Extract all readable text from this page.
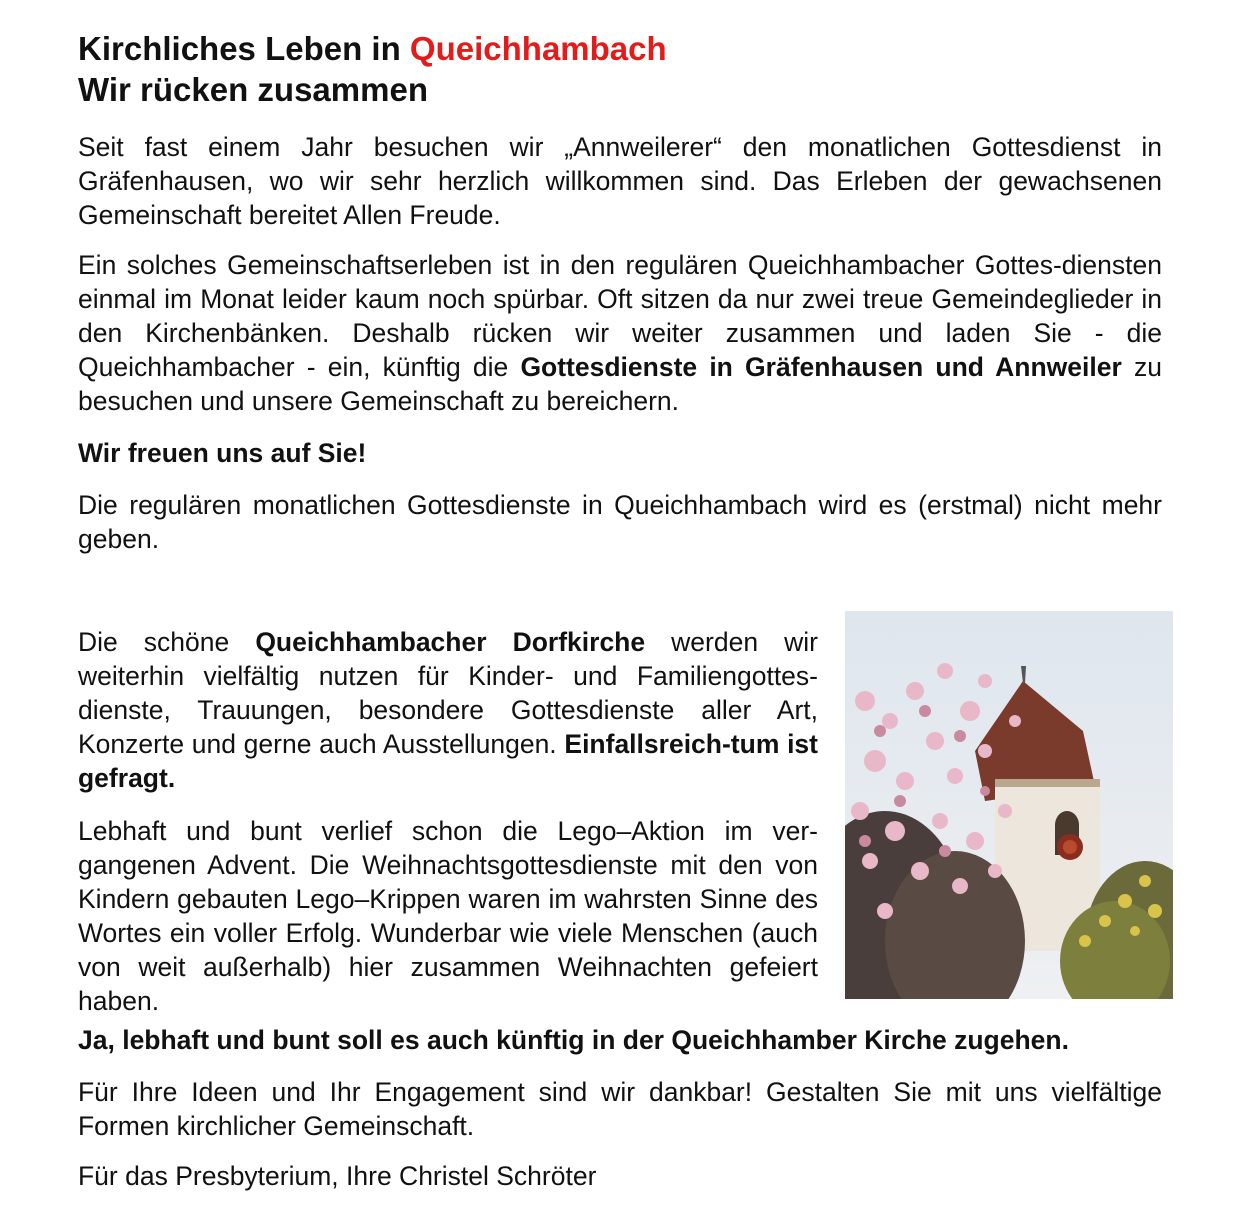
Kirchliches Leben in Queichhambach
Wir rücken zusammen

Seit fast einem Jahr besuchen wir „Annweilerer“ den monatlichen Gottesdienst in Gräfenhausen, wo wir sehr herzlich willkommen sind. Das Erleben der gewachsenen Gemeinschaft bereitet Allen Freude.

Ein solches Gemeinschaftserleben ist in den regulären Queichhambacher Gottes-diensten einmal im Monat leider kaum noch spürbar. Oft sitzen da nur zwei treue Gemeindeglieder in den Kirchenbänken. Deshalb rücken wir weiter zusammen und laden Sie - die Queichhambacher - ein, künftig die Gottesdienste in Gräfenhausen und Annweiler zu besuchen und unsere Gemeinschaft zu bereichern.

Wir freuen uns auf Sie!

Die regulären monatlichen Gottesdienste in Queichhambach wird es (erstmal) nicht mehr geben.

Die schöne Queichhambacher Dorfkirche werden wir weiterhin vielfältig nutzen für Kinder- und Familiengottes-dienste, Trauungen, besondere Gottesdienste aller Art, Konzerte und gerne auch Ausstellungen. Einfallsreich-tum ist gefragt.

Lebhaft und bunt verlief schon die Lego–Aktion im ver-gangenen Advent. Die Weihnachtsgottesdienste mit den von Kindern gebauten Lego–Krippen waren im wahrsten Sinne des Wortes ein voller Erfolg. Wunderbar wie viele Menschen (auch von weit außerhalb) hier zusammen Weihnachten gefeiert haben.

Ja, lebhaft und bunt soll es auch künftig in der Queichhamber Kirche zugehen.

Für Ihre Ideen und Ihr Engagement sind wir dankbar! Gestalten Sie mit uns vielfältige Formen kirchlicher Gemeinschaft.

Für das Presbyterium, Ihre Christel Schröter
